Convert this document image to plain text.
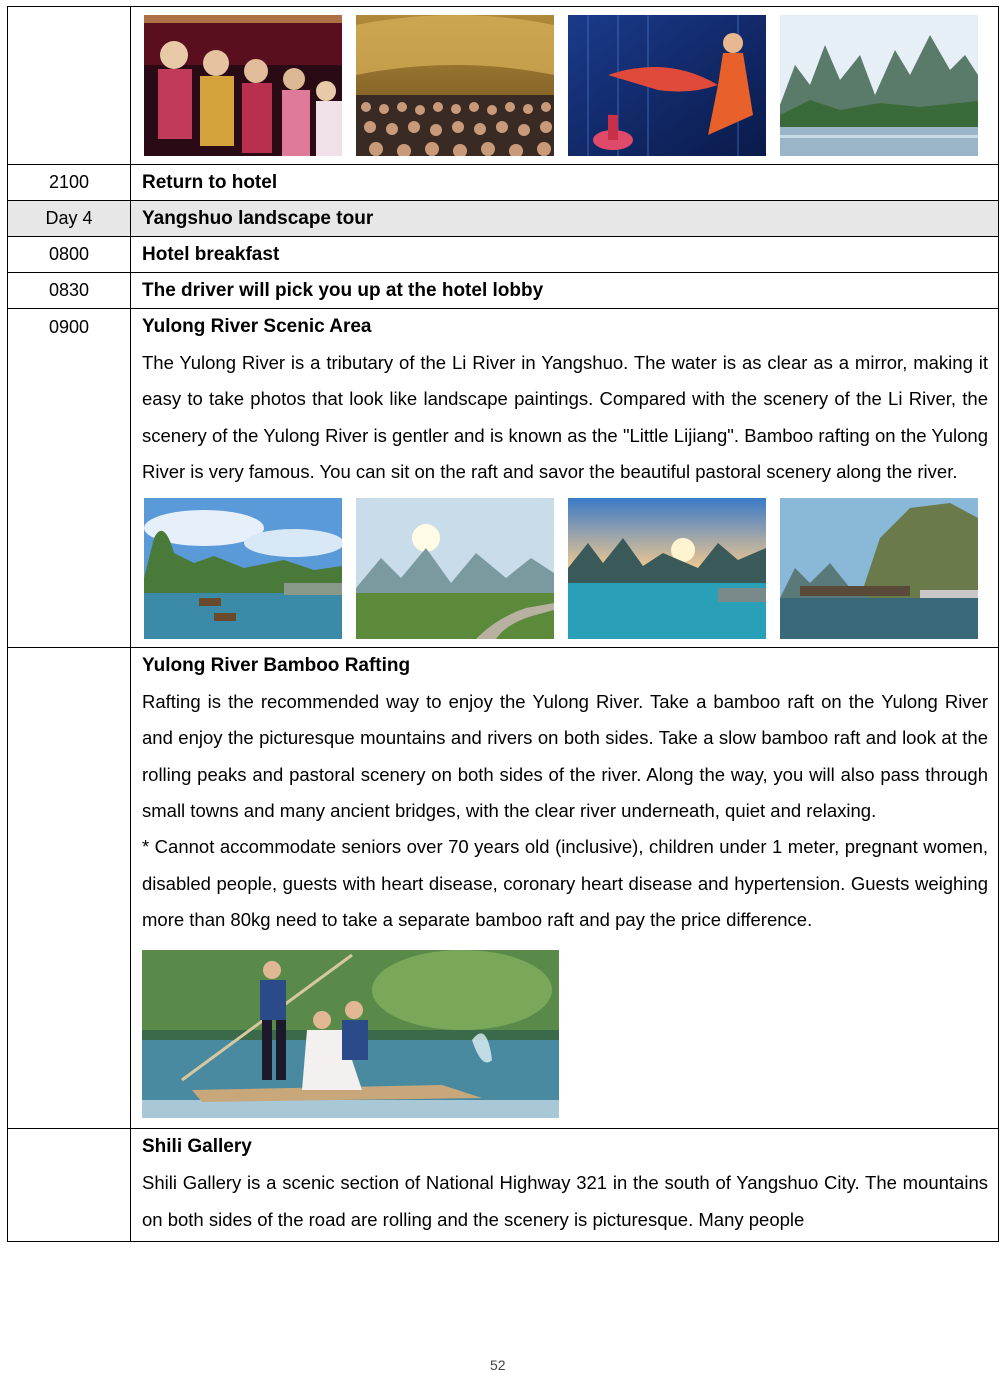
2100	Return to hotel

Day 4	Yangshuo landscape tour

0800	Hotel breakfast

0830	The driver will pick you up at the hotel lobby

0900	Yulong River Scenic Area

The Yulong River is a tributary of the Li River in Yangshuo. The water is as clear as a mirror, making it easy to take photos that look like landscape paintings. Compared with the scenery of the Li River, the scenery of the Yulong River is gentler and is known as the "Little Lijiang". Bamboo rafting on the Yulong River is very famous. You can sit on the raft and savor the beautiful pastoral scenery along the river.

	Yulong River Bamboo Rafting

Rafting is the recommended way to enjoy the Yulong River. Take a bamboo raft on the Yulong River and enjoy the picturesque mountains and rivers on both sides. Take a slow bamboo raft and look at the rolling peaks and pastoral scenery on both sides of the river. Along the way, you will also pass through small towns and many ancient bridges, with the clear river underneath, quiet and relaxing.

* Cannot accommodate seniors over 70 years old (inclusive), children under 1 meter, pregnant women, disabled people, guests with heart disease, coronary heart disease and hypertension. Guests weighing more than 80kg need to take a separate bamboo raft and pay the price difference.

	Shili Gallery

Shili Gallery is a scenic section of National Highway 321 in the south of Yangshuo City. The mountains on both sides of the road are rolling and the scenery is picturesque. Many people

52
